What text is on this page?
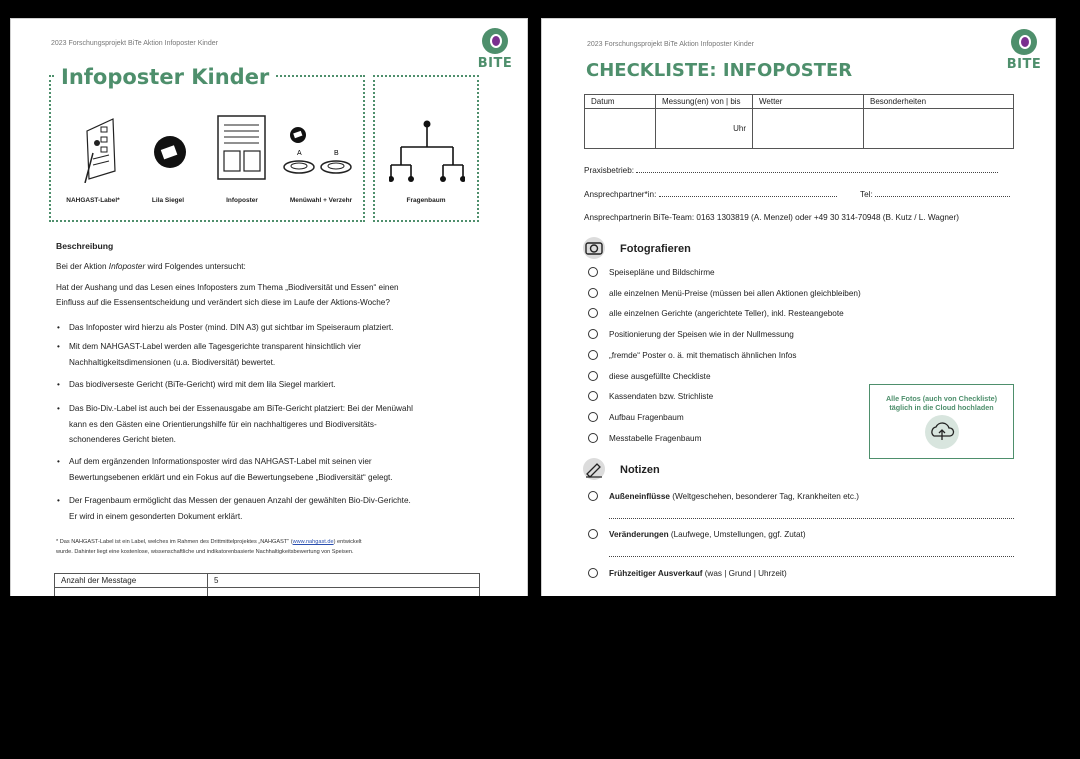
2023 Forschungsprojekt BiTe Aktion Infoposter Kinder
BITE
Infoposter Kinder
A	B
NAHGAST-Label*	Lila Siegel	Infoposter	Menüwahl + Verzehr	Fragenbaum
Beschreibung
Bei der Aktion Infoposter wird Folgendes untersucht:
Hat der Aushang und das Lesen eines Infoposters zum Thema „Biodiversität und Essen“ einen
Einfluss auf die Essensentscheidung und verändert sich diese im Laufe der Aktions-Woche?
Das Infoposter wird hierzu als Poster (mind. DIN A3) gut sichtbar im Speiseraum platziert.
•
Mit dem NAHGAST-Label werden alle Tagesgerichte transparent hinsichtlich vier
•
Nachhaltigkeitsdimensionen (u.a. Biodiversität) bewertet.
Das biodiverseste Gericht (BiTe-Gericht) wird mit dem lila Siegel markiert.
•
Das Bio-Div.-Label ist auch bei der Essenausgabe am BiTe-Gericht platziert: Bei der Menüwahl
•
kann es den Gästen eine Orientierungshilfe für ein nachhaltigeres und Biodiversitäts-
schonenderes Gericht bieten.
Auf dem ergänzenden Informationsposter wird das NAHGAST-Label mit seinen vier
•
Bewertungsebenen erklärt und ein Fokus auf die Bewertungsebene „Biodiversität“ gelegt.
Der Fragenbaum ermöglicht das Messen der genauen Anzahl der gewählten Bio-Div-Gerichte.
•
Er wird in einem gesonderten Dokument erklärt.
* Das NAHGAST-Label ist ein Label, welches im Rahmen des Drittmittelprojektes „NAHGAST“ (www.nahgast.de) entwickelt
wurde. Dahinter liegt eine kostenlose, wissenschaftliche und indikatorenbasierte Nachhaltigkeitsbewertung von Speisen.
Anzahl der Messtage	5

2023 Forschungsprojekt BiTe Aktion Infoposter Kinder
BITE
CHECKLISTE: INFOPOSTER
Datum	Messung(en) von | bis	Wetter	Besonderheiten
	Uhr		
Praxisbetrieb:
Ansprechpartner*in:	Tel:
Ansprechpartnerin BiTe-Team: 0163 1303819 (A. Menzel) oder +49 30 314-70948 (B. Kutz / L. Wagner)
Fotografieren
Speisepläne und Bildschirme
alle einzelnen Menü-Preise (müssen bei allen Aktionen gleichbleiben)
alle einzelnen Gerichte (angerichtete Teller), inkl. Resteangebote
Positionierung der Speisen wie in der Nullmessung
„fremde“ Poster o. ä. mit thematisch ähnlichen Infos
diese ausgefüllte Checkliste
Kassendaten bzw. Strichliste
Aufbau Fragenbaum
Messtabelle Fragenbaum
Alle Fotos (auch von Checkliste)
täglich in die Cloud hochladen
Notizen
Außeneinflüsse (Weltgeschehen, besonderer Tag, Krankheiten etc.)
Veränderungen (Laufwege, Umstellungen, ggf. Zutat)
Frühzeitiger Ausverkauf (was | Grund | Uhrzeit)
